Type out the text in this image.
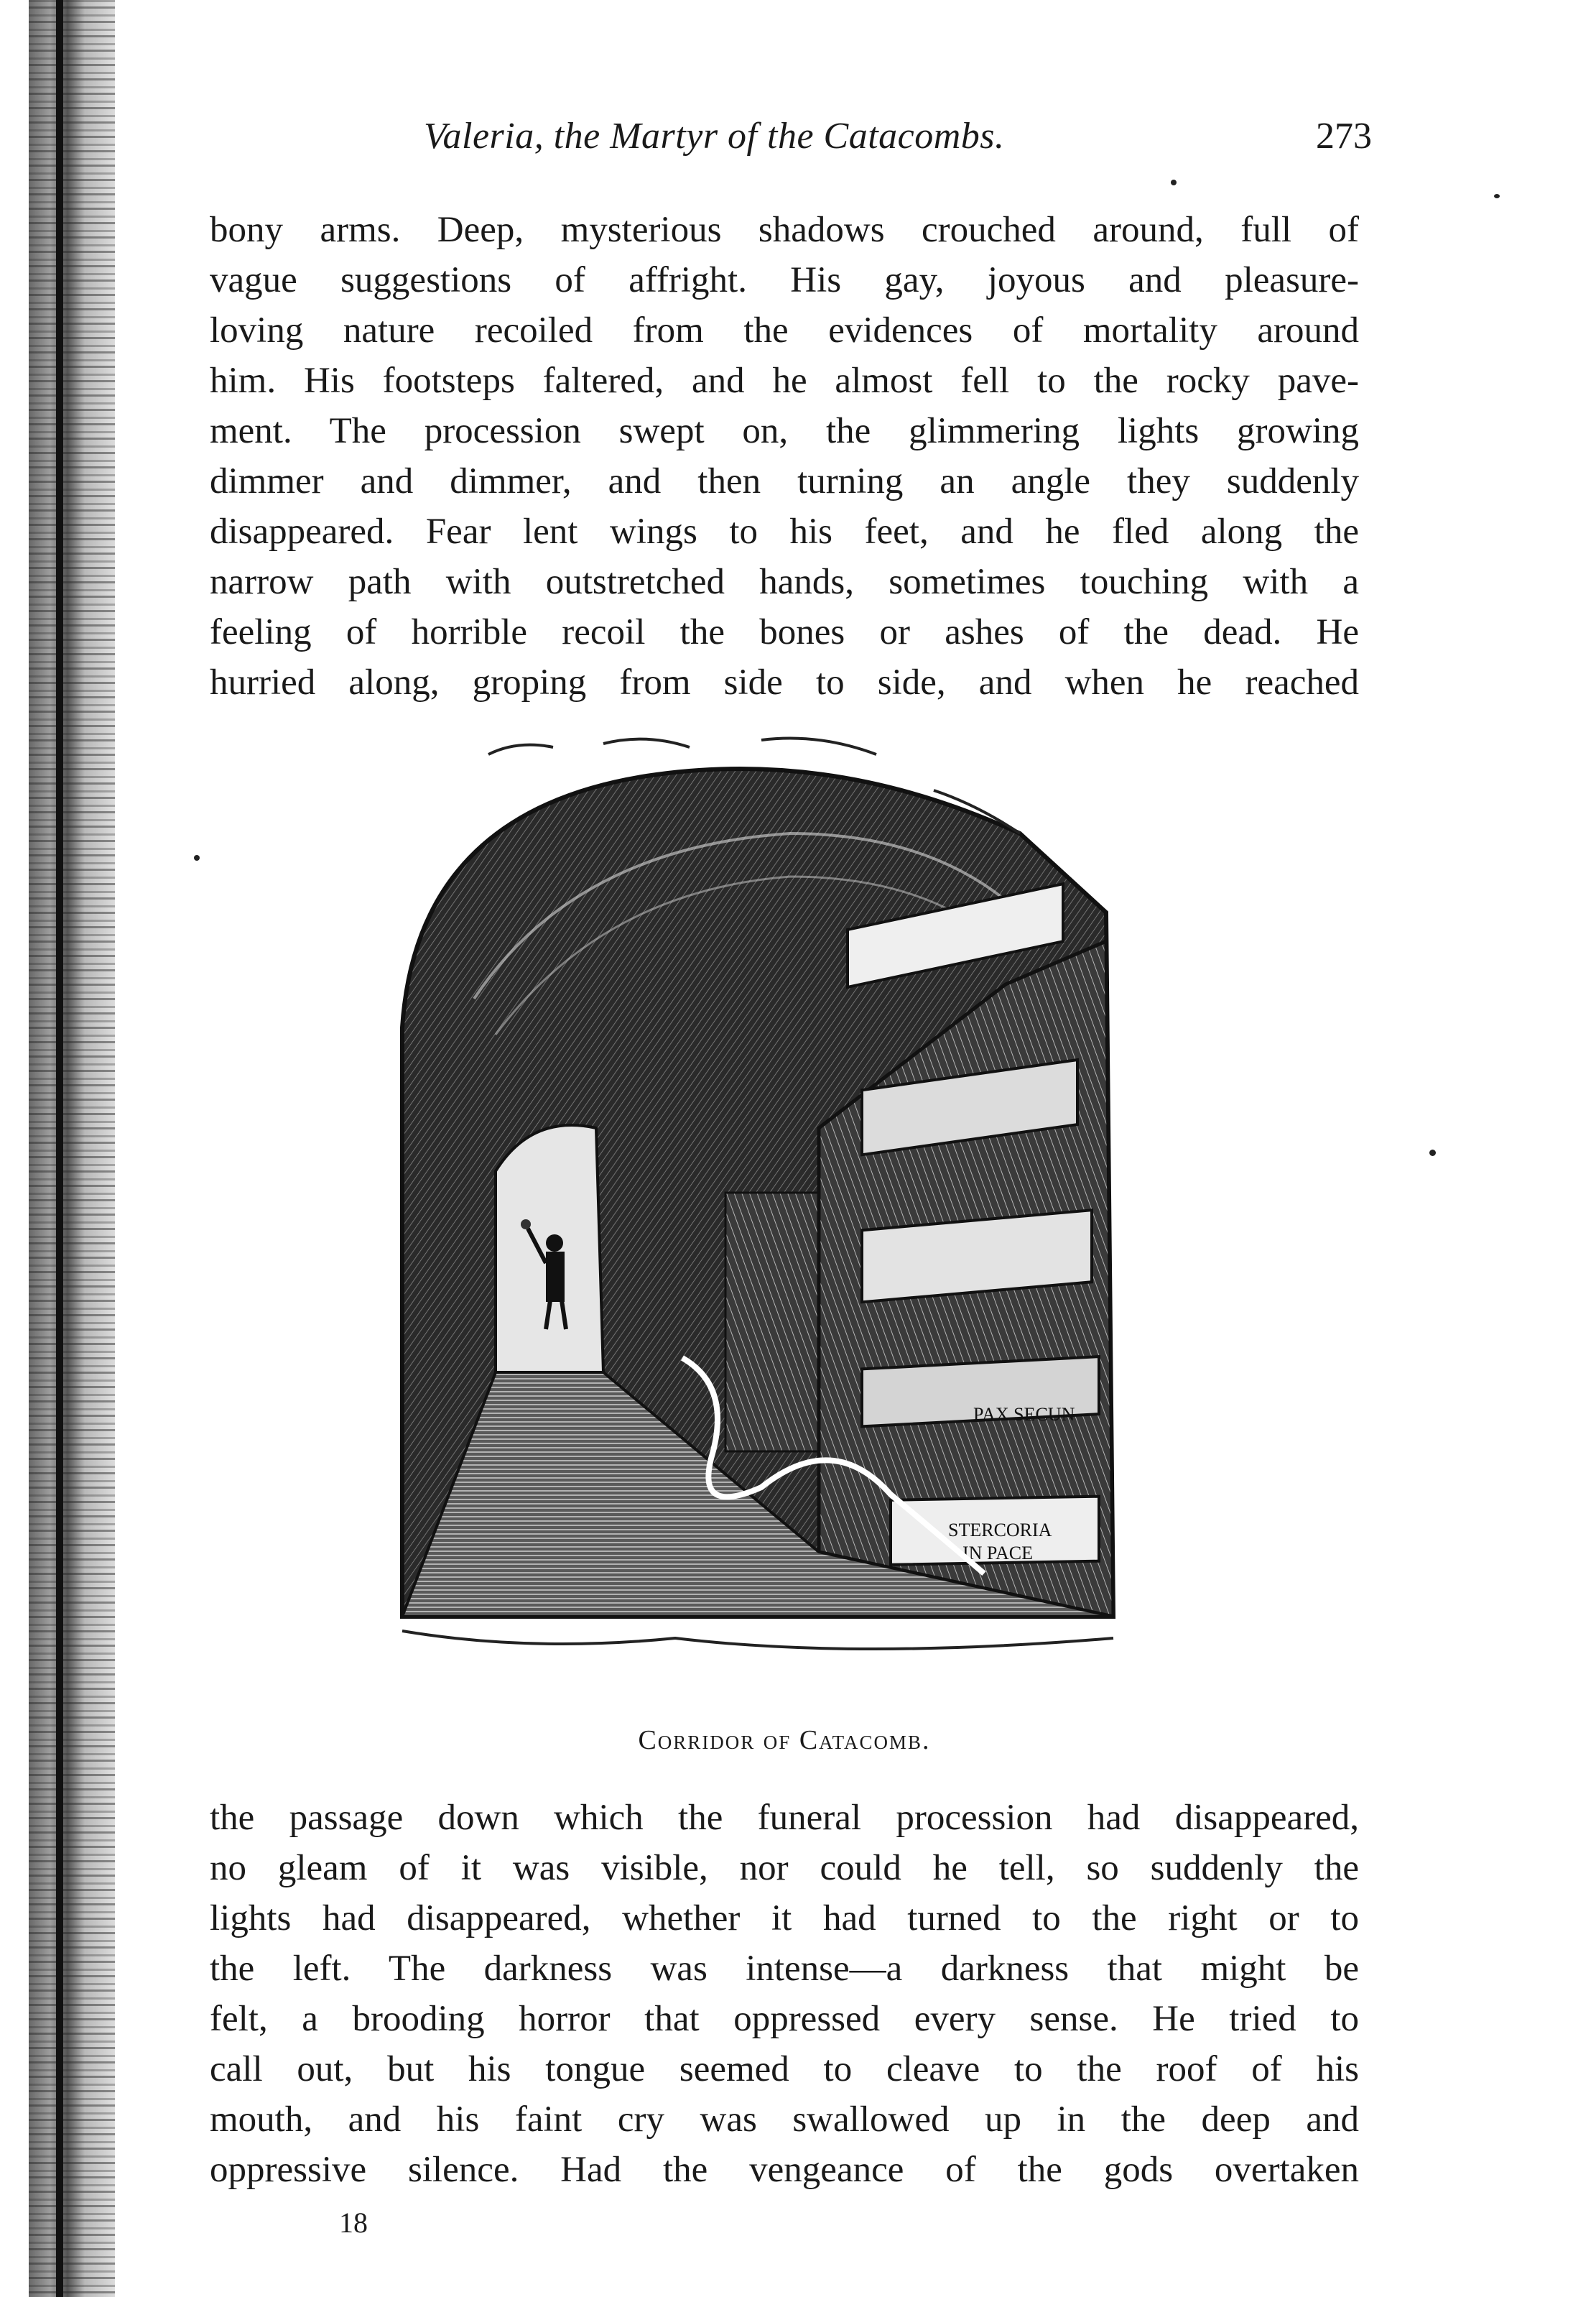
Valeria, the Martyr of the Catacombs.	273
bony arms. Deep, mysterious shadows crouched around, full of
vague suggestions of affright. His gay, joyous and pleasure-
loving nature recoiled from the evidences of mortality around
him. His footsteps faltered, and he almost fell to the rocky pave-
ment. The procession swept on, the glimmering lights growing
dimmer and dimmer, and then turning an angle they suddenly
disappeared. Fear lent wings to his feet, and he fled along the
narrow path with outstretched hands, sometimes touching with a
feeling of horrible recoil the bones or ashes of the dead. He
hurried along, groping from side to side, and when he reached
PAX SECUN
STERCORIA
IN PACE
Corridor of Catacomb.
the passage down which the funeral procession had disappeared,
no gleam of it was visible, nor could he tell, so suddenly the
lights had disappeared, whether it had turned to the right or to
the left. The darkness was intense—a darkness that might be
felt, a brooding horror that oppressed every sense. He tried to
call out, but his tongue seemed to cleave to the roof of his
mouth, and his faint cry was swallowed up in the deep and
oppressive silence. Had the vengeance of the gods overtaken
18
